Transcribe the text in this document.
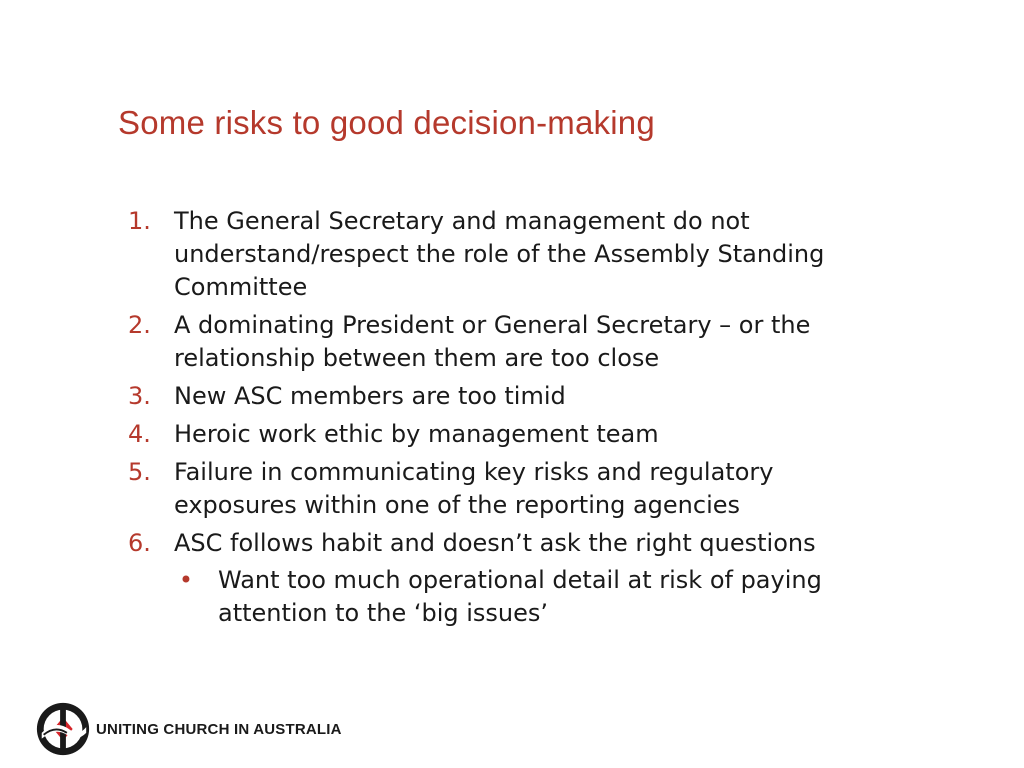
Some risks to good decision-making
1. The General Secretary and management do not understand/respect the role of the Assembly Standing Committee
2. A dominating President or General Secretary – or the relationship between them are too close
3. New ASC members are too timid
4. Heroic work ethic by management team
5. Failure in communicating key risks and regulatory exposures within one of the reporting agencies
6. ASC follows habit and doesn’t ask the right questions
•	Want too much operational detail at risk of paying attention to the ‘big issues’
UNITING CHURCH IN AUSTRALIA
